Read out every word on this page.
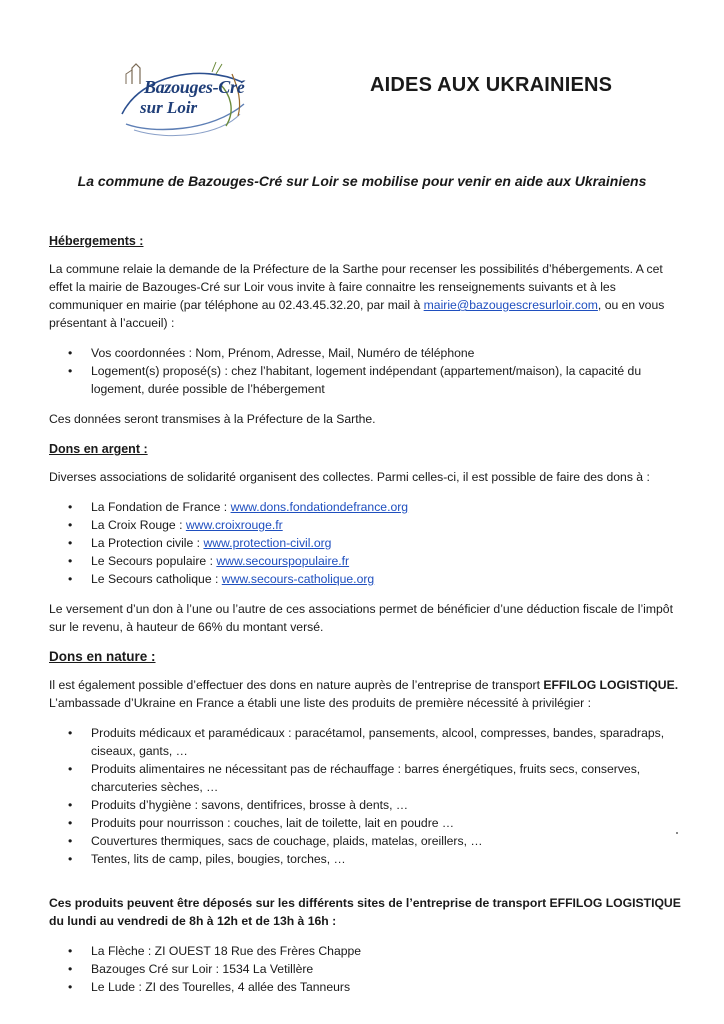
Bazouges-Cré
sur Loir
AIDES AUX UKRAINIENS

La commune de Bazouges-Cré sur Loir se mobilise pour venir en aide aux Ukrainiens

Hébergements :

La commune relaie la demande de la Préfecture de la Sarthe pour recenser les possibilités d’hébergements. A cet effet la mairie de Bazouges-Cré sur Loir vous invite à faire connaitre les renseignements suivants et à les communiquer en mairie (par téléphone au 02.43.45.32.20, par mail à mairie@bazougescresurloir.com, ou en vous présentant à l’accueil) :

• Vos coordonnées : Nom, Prénom, Adresse, Mail, Numéro de téléphone
• Logement(s) proposé(s) : chez l’habitant, logement indépendant (appartement/maison), la capacité du logement, durée possible de l’hébergement

Ces données seront transmises à la Préfecture de la Sarthe.

Dons en argent :

Diverses associations de solidarité organisent des collectes. Parmi celles-ci, il est possible de faire des dons à :

• La Fondation de France : www.dons.fondationdefrance.org
• La Croix Rouge : www.croixrouge.fr
• La Protection civile : www.protection-civil.org
• Le Secours populaire : www.secourspopulaire.fr
• Le Secours catholique : www.secours-catholique.org

Le versement d’un don à l’une ou l’autre de ces associations permet de bénéficier d’une déduction fiscale de l’impôt sur le revenu, à hauteur de 66% du montant versé.

Dons en nature :

Il est également possible d’effectuer des dons en nature auprès de l’entreprise de transport EFFILOG LOGISTIQUE.
L’ambassade d’Ukraine en France a établi une liste des produits de première nécessité à privilégier :

• Produits médicaux et paramédicaux : paracétamol, pansements, alcool, compresses, bandes, sparadraps, ciseaux, gants, …
• Produits alimentaires ne nécessitant pas de réchauffage : barres énergétiques, fruits secs, conserves, charcuteries sèches, …
• Produits d’hygiène : savons, dentifrices, brosse à dents, …
• Produits pour nourrisson : couches, lait de toilette, lait en poudre …
• Couvertures thermiques, sacs de couchage, plaids, matelas, oreillers, …
• Tentes, lits de camp, piles, bougies, torches, …

Ces produits peuvent être déposés sur les différents sites de l’entreprise de transport EFFILOG LOGISTIQUE du lundi au vendredi de 8h à 12h et de 13h à 16h :

• La Flèche : ZI OUEST 18 Rue des Frères Chappe
• Bazouges Cré sur Loir : 1534 La Vetillère
• Le Lude : ZI des Tourelles, 4 allée des Tanneurs
